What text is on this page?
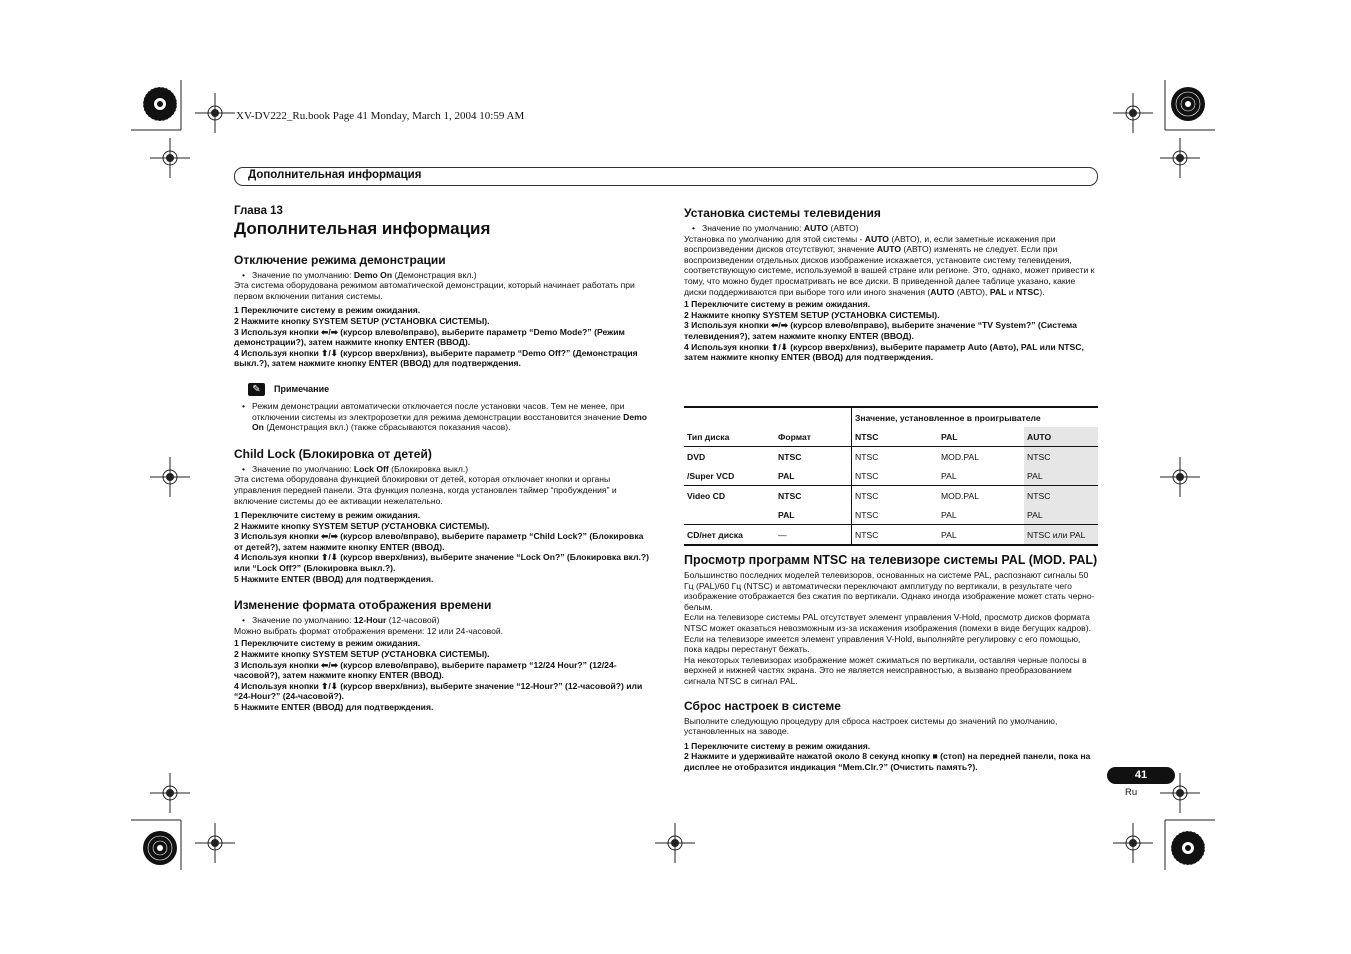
XV-DV222_Ru.book Page 41 Monday, March 1, 2004 10:59 AM
Дополнительная информация
Глава 13
Дополнительная информация
Отключение режима демонстрации

• Значение по умолчанию: Demo On (Демонстрация вкл.)

Эта система оборудована режимом автоматической демонстрации, который начинает работать при первом включении питания системы.

1 Переключите систему в режим ожидания.

2 Нажмите кнопку SYSTEM SETUP (УСТАНОВКА СИСТЕМЫ).

3 Используя кнопки ⬅/➡ (курсор влево/вправо), выберите параметр “Demo Mode?” (Режим демонстрации?), затем нажмите кнопку ENTER (ВВОД).

4 Используя кнопки ⬆/⬇ (курсор вверх/вниз), выберите параметр “Demo Off?” (Демонстрация выкл.?), затем нажмите кнопку ENTER (ВВОД) для подтверждения.

✎ Примечание

• Режим демонстрации автоматически отключается после установки часов. Тем не менее, при отключении системы из электророзетки для режима демонстрации восстановится значение Demo On (Демонстрация вкл.) (также сбрасываются показания часов).

Child Lock (Блокировка от детей)

• Значение по умолчанию: Lock Off (Блокировка выкл.)

Эта система оборудована функцией блокировки от детей, которая отключает кнопки и органы управления передней панели. Эта функция полезна, когда установлен таймер “пробуждения” и включение системы до ее активации нежелательно.

1 Переключите систему в режим ожидания.

2 Нажмите кнопку SYSTEM SETUP (УСТАНОВКА СИСТЕМЫ).

3 Используя кнопки ⬅/➡ (курсор влево/вправо), выберите параметр “Child Lock?” (Блокировка от детей?), затем нажмите кнопку ENTER (ВВОД).

4 Используя кнопки ⬆/⬇ (курсор вверх/вниз), выберите значение “Lock On?” (Блокировка вкл.?) или “Lock Off?” (Блокировка выкл.?).

5 Нажмите ENTER (ВВОД) для подтверждения.

Изменение формата отображения времени

• Значение по умолчанию: 12-Hour (12-часовой)

Можно выбрать формат отображения времени: 12 или 24-часовой.

1 Переключите систему в режим ожидания.

2 Нажмите кнопку SYSTEM SETUP (УСТАНОВКА СИСТЕМЫ).

3 Используя кнопки ⬅/➡ (курсор влево/вправо), выберите параметр “12/24 Hour?” (12/24-часовой?), затем нажмите кнопку ENTER (ВВОД).

4 Используя кнопки ⬆/⬇ (курсор вверх/вниз), выберите значение “12-Hour?” (12-часовой?) или “24-Hour?” (24-часовой?).

5 Нажмите ENTER (ВВОД) для подтверждения.

Установка системы телевидения

• Значение по умолчанию: AUTO (АВТО)

Установка по умолчанию для этой системы - AUTO (АВТО), и, если заметные искажения при воспроизведении дисков отсутствуют, значение AUTO (АВТО) изменять не следует. Если при воспроизведении отдельных дисков изображение искажается, установите систему телевидения, соответствующую системе, используемой в вашей стране или регионе. Это, однако, может привести к тому, что можно будет просматривать не все диски. В приведенной далее таблице указано, какие диски поддерживаются при выборе того или иного значения (AUTO (АВТО), PAL и NTSC).

1 Переключите систему в режим ожидания.

2 Нажмите кнопку SYSTEM SETUP (УСТАНОВКА СИСТЕМЫ).

3 Используя кнопки ⬅/➡ (курсор влево/вправо), выберите значение “TV System?” (Система телевидения?), затем нажмите кнопку ENTER (ВВОД).

4 Используя кнопки ⬆/⬇ (курсор вверх/вниз), выберите параметр Auto (Авто), PAL или NTSC, затем нажмите кнопку ENTER (ВВОД) для подтверждения.

		Значение, установленное в проигрывателе		
Тип диска	Формат	NTSC	PAL	AUTO
DVD	NTSC	NTSC	MOD.PAL	NTSC
/Super VCD	PAL	NTSC	PAL	PAL
Video CD	NTSC	NTSC	MOD.PAL	NTSC
	PAL	NTSC	PAL	PAL
CD/нет диска	—	NTSC	PAL	NTSC или PAL
Просмотр программ NTSC на телевизоре системы PAL (MOD. PAL)

Большинство последних моделей телевизоров, основанных на системе PAL, распознают сигналы 50 Гц (PAL)/60 Гц (NTSC) и автоматически переключают амплитуду по вертикали, в результате чего изображение отображается без сжатия по вертикали. Однако иногда изображение может стать черно-белым.

Если на телевизоре системы PAL отсутствует элемент управления V-Hold, просмотр дисков формата NTSC может оказаться невозможным из-за искажения изображения (помехи в виде бегущих кадров). Если на телевизоре имеется элемент управления V-Hold, выполняйте регулировку с его помощью, пока кадры перестанут бежать.

На некоторых телевизорах изображение может сжиматься по вертикали, оставляя черные полосы в верхней и нижней частях экрана. Это не является неисправностью, а вызвано преобразованием сигнала NTSC в сигнал PAL.

Сброс настроек в системе

Выполните следующую процедуру для сброса настроек системы до значений по умолчанию, установленных на заводе.

1 Переключите систему в режим ожидания.

2 Нажмите и удерживайте нажатой около 8 секунд кнопку ■ (стоп) на передней панели, пока на дисплее не отобразится индикация “Mem.Clr.?” (Очистить память?).

41
Ru
